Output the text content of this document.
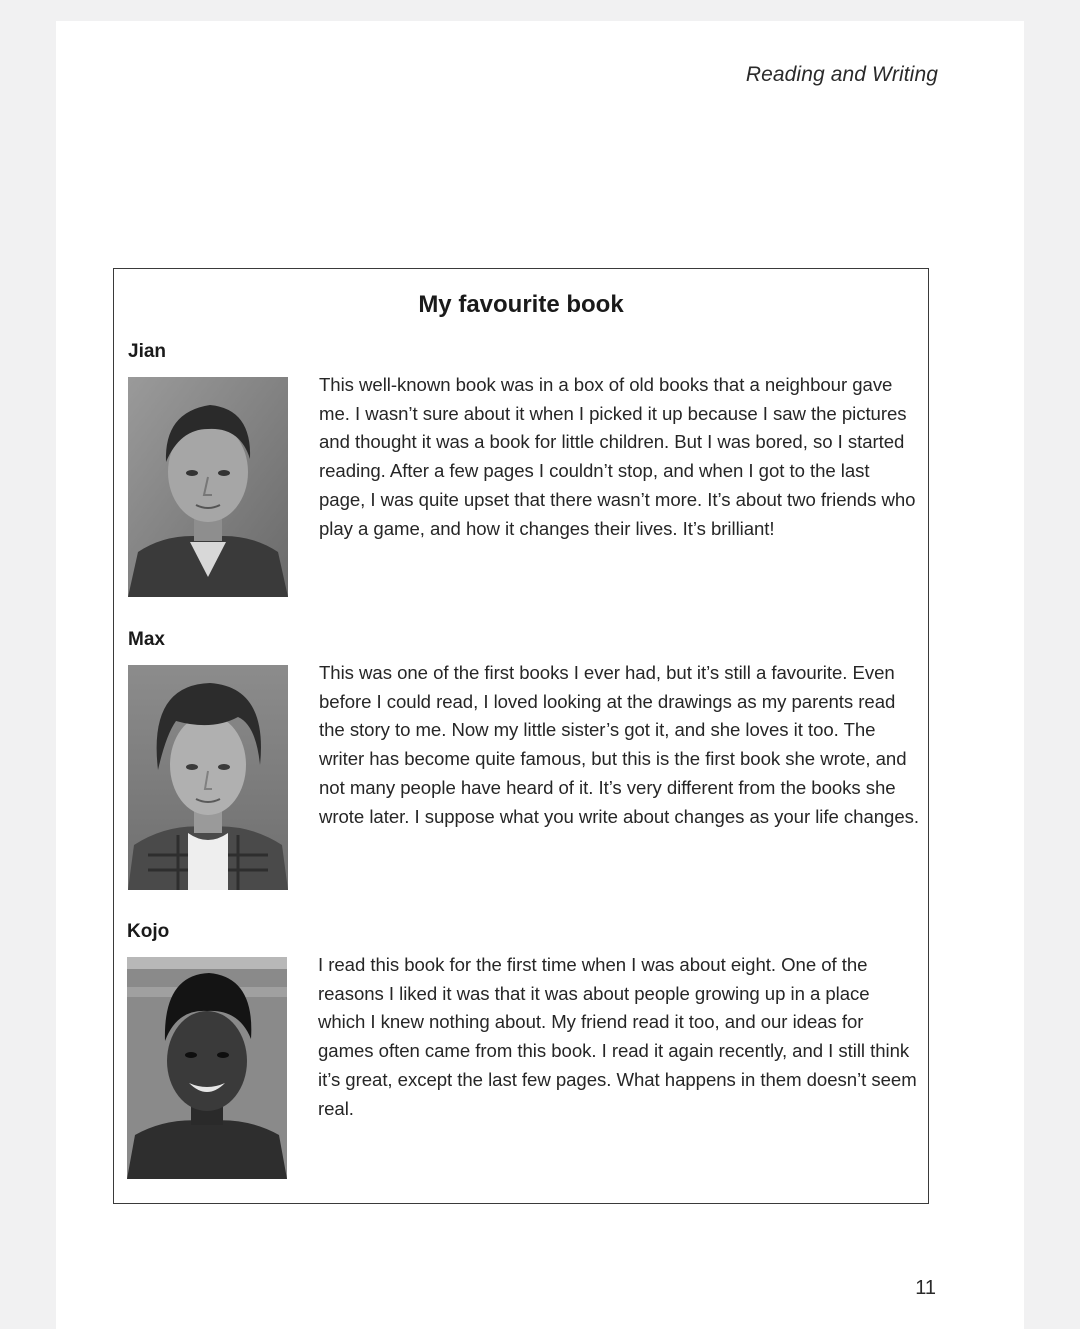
Reading and Writing
My favourite book
Jian

This well-known book was in a box of old books that a neighbour gave me. I wasn’t sure about it when I picked it up because I saw the pictures and thought it was a book for little children. But I was bored, so I started reading. After a few pages I couldn’t stop, and when I got to the last page, I was quite upset that there wasn’t more. It’s about two friends who play a game, and how it changes their lives. It’s brilliant!

Max

This was one of the first books I ever had, but it’s still a favourite. Even before I could read, I loved looking at the drawings as my parents read the story to me. Now my little sister’s got it, and she loves it too. The writer has become quite famous, but this is the first book she wrote, and not many people have heard of it. It’s very different from the books she wrote later. I suppose what you write about changes as your life changes.

Kojo

I read this book for the first time when I was about eight. One of the reasons I liked it was that it was about people growing up in a place which I knew nothing about. My friend read it too, and our ideas for games often came from this book. I read it again recently, and I still think it’s great, except the last few pages. What happens in them doesn’t seem real.

11
